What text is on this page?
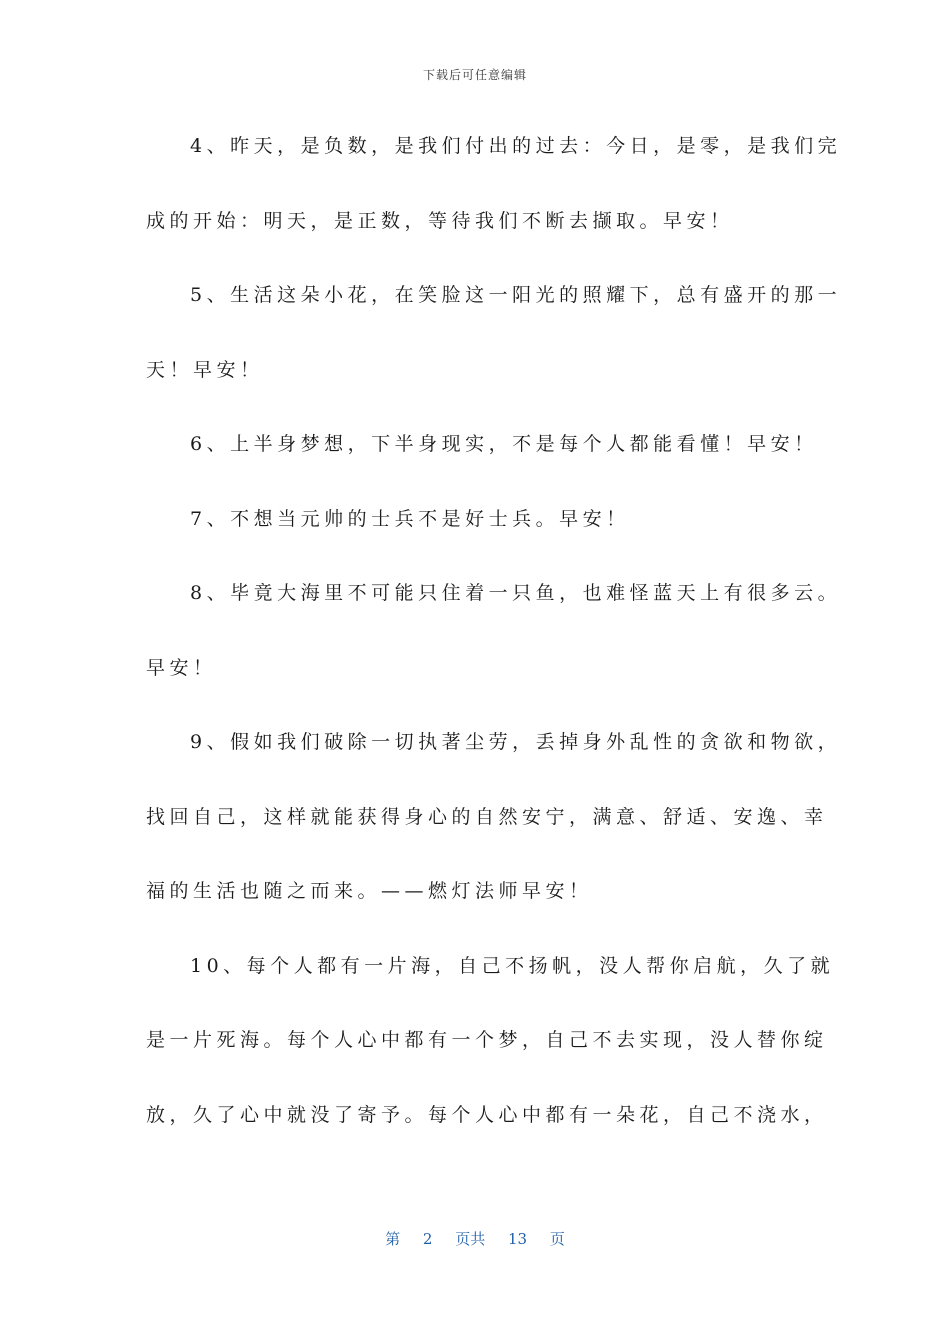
下载后可任意编辑
4、昨天，是负数，是我们付出的过去：今日，是零，是我们完
成的开始：明天，是正数，等待我们不断去撷取。早安！
5、生活这朵小花，在笑脸这一阳光的照耀下，总有盛开的那一
天！早安！
6、上半身梦想，下半身现实，不是每个人都能看懂！早安！
7、不想当元帅的士兵不是好士兵。早安！
8、毕竟大海里不可能只住着一只鱼，也难怪蓝天上有很多云。
早安！
9、假如我们破除一切执著尘劳，丢掉身外乱性的贪欲和物欲，
找回自己，这样就能获得身心的自然安宁，满意、舒适、安逸、幸
福的生活也随之而来。——燃灯法师早安！
10、每个人都有一片海，自己不扬帆，没人帮你启航，久了就
是一片死海。每个人心中都有一个梦，自己不去实现，没人替你绽
放，久了心中就没了寄予。每个人心中都有一朵花，自己不浇水，
第 2 页共 13 页
